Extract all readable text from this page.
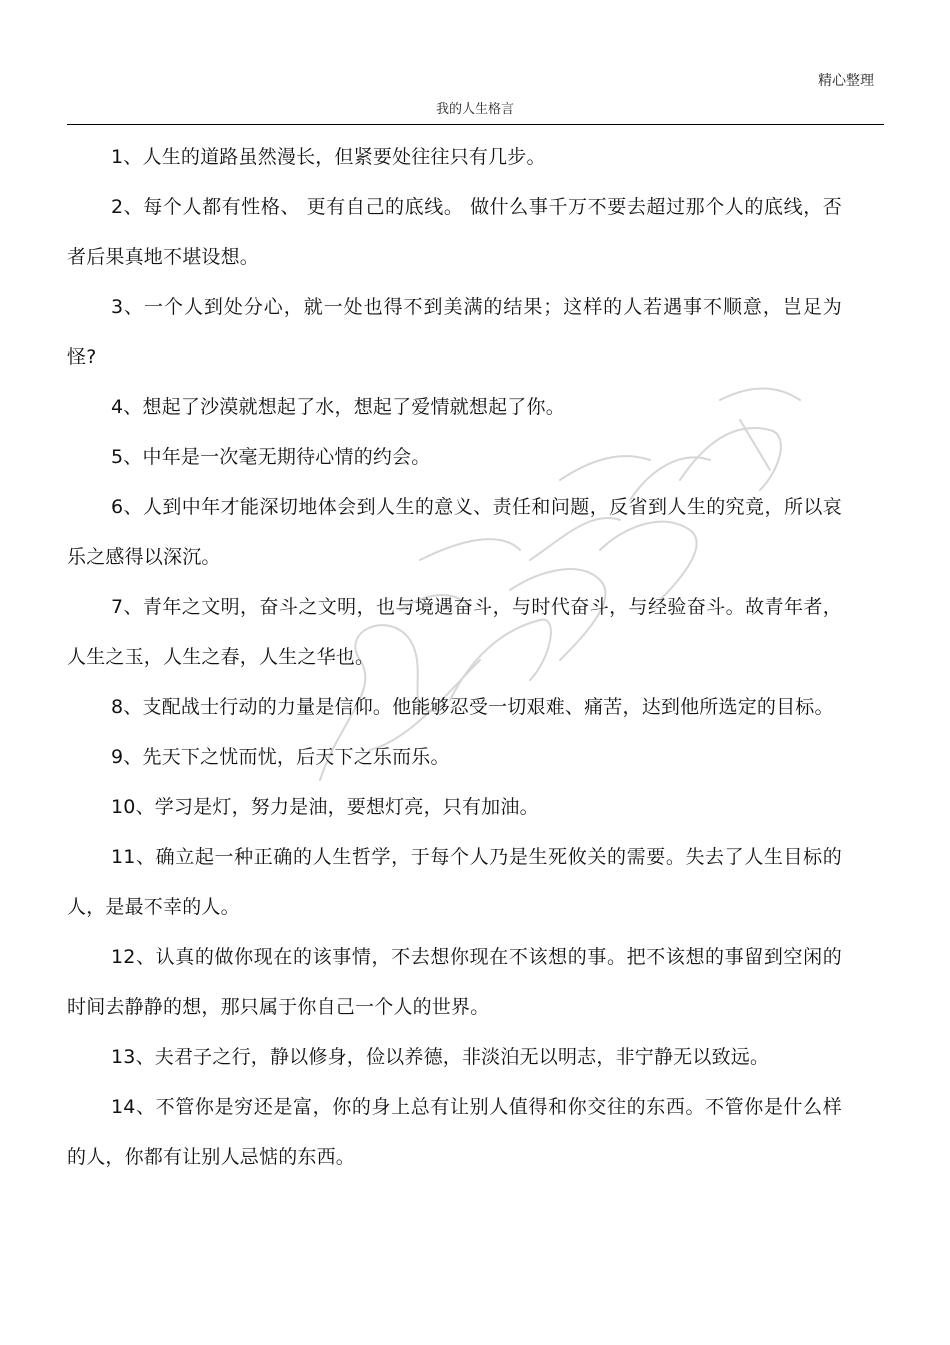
精心整理
我的人生格言

1、人生的道路虽然漫长，但紧要处往往只有几步。

2、每个人都有性格、 更有自己的底线。 做什么事千万不要去超过那个人的底线，否者后果真地不堪设想。

3、一个人到处分心，就一处也得不到美满的结果；这样的人若遇事不顺意，岂足为怪?

4、想起了沙漠就想起了水，想起了爱情就想起了你。

5、中年是一次毫无期待心情的约会。

6、人到中年才能深切地体会到人生的意义、责任和问题，反省到人生的究竟，所以哀乐之感得以深沉。

7、青年之文明，奋斗之文明，也与境遇奋斗，与时代奋斗，与经验奋斗。故青年者，人生之玉，人生之春，人生之华也。

8、支配战士行动的力量是信仰。他能够忍受一切艰难、痛苦，达到他所选定的目标。

9、先天下之忧而忧，后天下之乐而乐。

10、学习是灯，努力是油，要想灯亮，只有加油。

11、确立起一种正确的人生哲学，于每个人乃是生死攸关的需要。失去了人生目标的人，是最不幸的人。

12、认真的做你现在的该事情，不去想你现在不该想的事。把不该想的事留到空闲的时间去静静的想，那只属于你自己一个人的世界。

13、夫君子之行，静以修身，俭以养德，非淡泊无以明志，非宁静无以致远。

14、不管你是穷还是富，你的身上总有让别人值得和你交往的东西。不管你是什么样的人，你都有让别人忌惦的东西。
